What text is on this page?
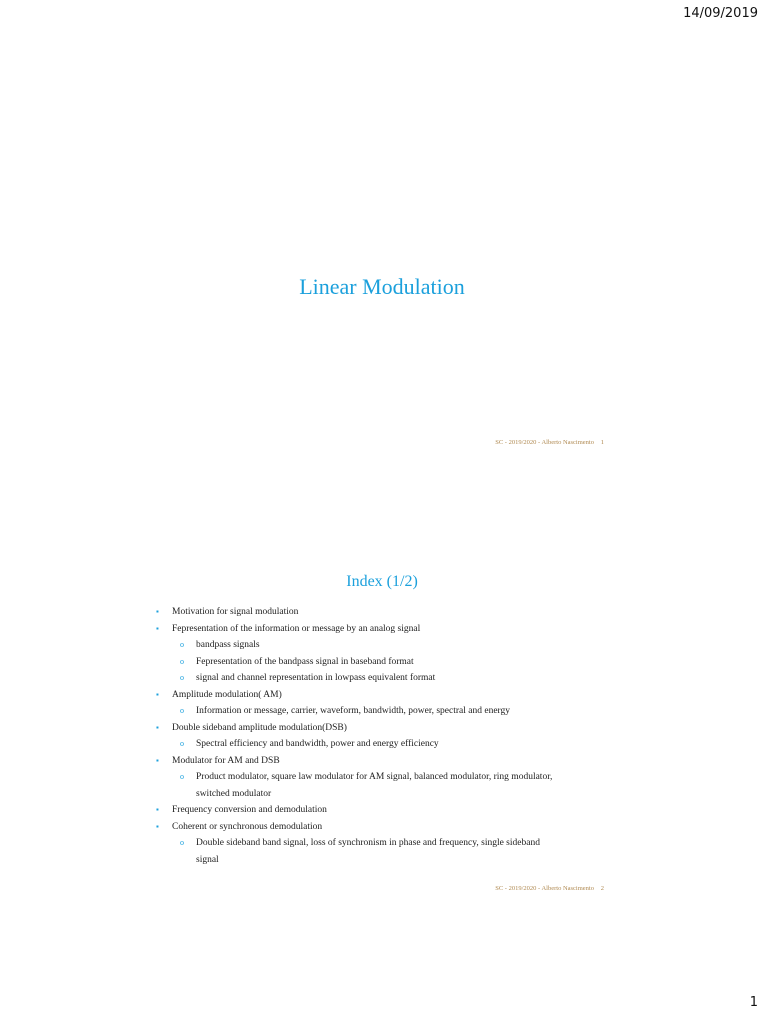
14/09/2019
Linear Modulation
SC - 2019/2020 - Alberto Nascimento 1
Index (1/2)
▪ Motivation for signal modulation
▪ Fepresentation of the information or message by an analog signal
o bandpass signals
o Fepresentation of the bandpass signal in baseband format
o signal and channel representation in lowpass equivalent format
▪ Amplitude modulation( AM)
o Information or message, carrier, waveform, bandwidth, power, spectral and energy
▪ Double sideband amplitude modulation(DSB)
o Spectral efficiency and bandwidth, power and energy efficiency
▪ Modulator for AM and DSB
o Product modulator, square law modulator for AM signal, balanced modulator, ring modulator,
switched modulator
▪ Frequency conversion and demodulation
▪ Coherent or synchronous demodulation
o Double sideband band signal, loss of synchronism in phase and frequency, single sideband
signal
SC - 2019/2020 - Alberto Nascimento 2
1
